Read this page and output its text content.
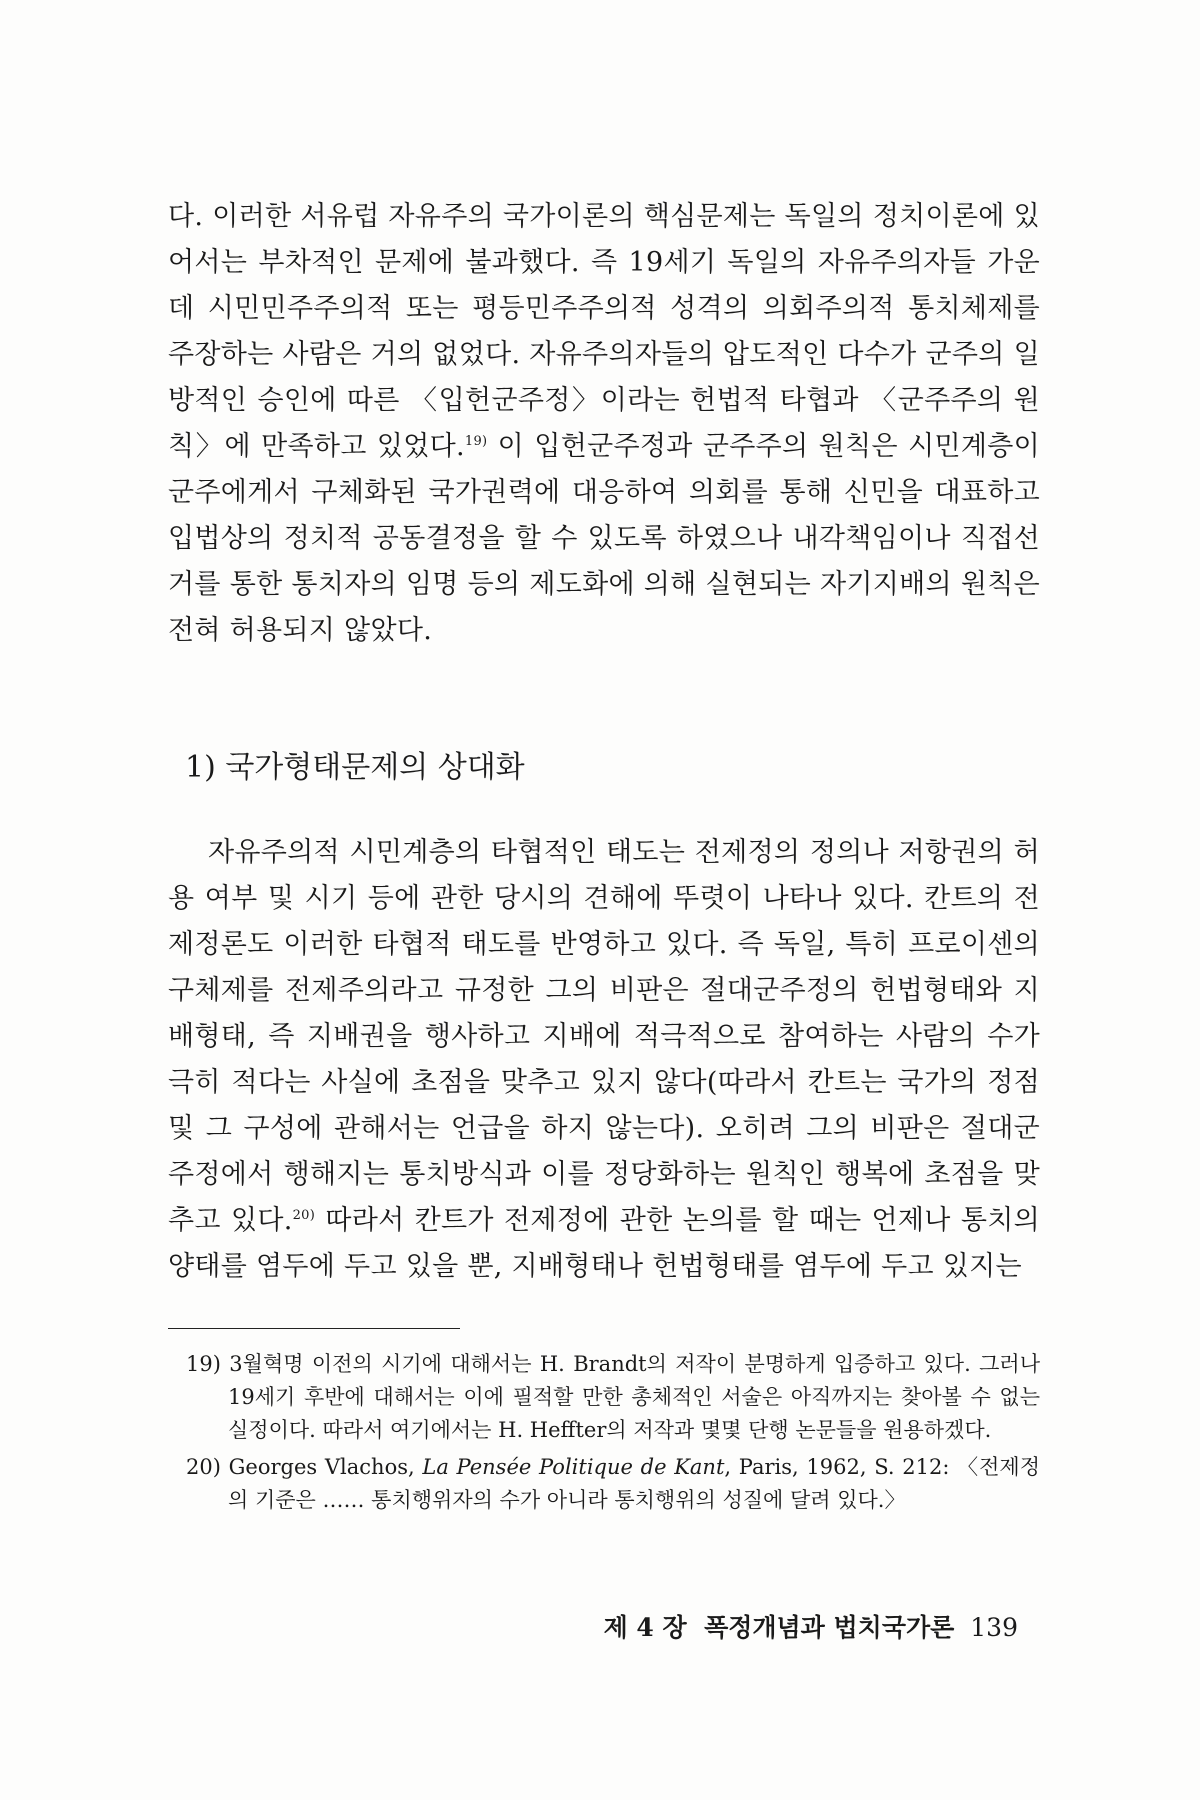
다. 이러한 서유럽 자유주의 국가이론의 핵심문제는 독일의 정치이론에 있어서는 부차적인 문제에 불과했다. 즉 19세기 독일의 자유주의자들 가운데 시민민주주의적 또는 평등민주주의적 성격의 의회주의적 통치체제를 주장하는 사람은 거의 없었다. 자유주의자들의 압도적인 다수가 군주의 일방적인 승인에 따른 〈입헌군주정〉이라는 헌법적 타협과 〈군주주의 원칙〉에 만족하고 있었다.$^{19)}$ 이 입헌군주정과 군주주의 원칙은 시민계층이 군주에게서 구체화된 국가권력에 대응하여 의회를 통해 신민을 대표하고 입법상의 정치적 공동결정을 할 수 있도록 하였으나 내각책임이나 직접선거를 통한 통치자의 임명 등의 제도화에 의해 실현되는 자기지배의 원칙은 전혀 허용되지 않았다.

1) 국가형태문제의 상대화

자유주의적 시민계층의 타협적인 태도는 전제정의 정의나 저항권의 허용 여부 및 시기 등에 관한 당시의 견해에 뚜렷이 나타나 있다. 칸트의 전제정론도 이러한 타협적 태도를 반영하고 있다. 즉 독일, 특히 프로이센의 구체제를 전제주의라고 규정한 그의 비판은 절대군주정의 헌법형태와 지배형태, 즉 지배권을 행사하고 지배에 적극적으로 참여하는 사람의 수가 극히 적다는 사실에 초점을 맞추고 있지 않다(따라서 칸트는 국가의 정점 및 그 구성에 관해서는 언급을 하지 않는다). 오히려 그의 비판은 절대군주정에서 행해지는 통치방식과 이를 정당화하는 원칙인 행복에 초점을 맞추고 있다.$^{20)}$ 따라서 칸트가 전제정에 관한 논의를 할 때는 언제나 통치의 양태를 염두에 두고 있을 뿐, 지배형태나 헌법형태를 염두에 두고 있지는

19) 3월혁명 이전의 시기에 대해서는 H. Brandt의 저작이 분명하게 입증하고 있다. 그러나 19세기 후반에 대해서는 이에 필적할 만한 총체적인 서술은 아직까지는 찾아볼 수 없는 실정이다. 따라서 여기에서는 H. Heffter의 저작과 몇몇 단행 논문들을 원용하겠다.

20) Georges Vlachos, La Pensée Politique de Kant, Paris, 1962, S. 212: 〈전제정의 기준은 …… 통치행위자의 수가 아니라 통치행위의 성질에 달려 있다.〉

제 4 장  폭정개념과 법치국가론 139
